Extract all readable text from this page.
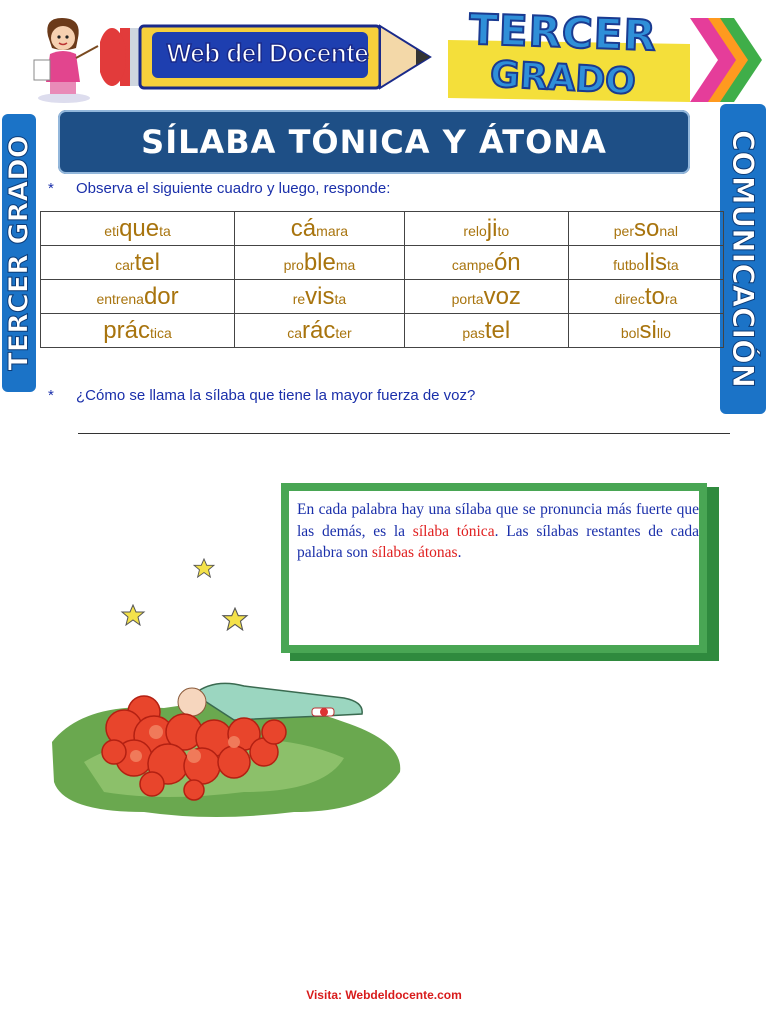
Web del Docente TERCER
GRADO
TERCER GRADO	COMUNICACIÓN
SÍLABA TÓNICA Y ÁTONA
* Observa el siguiente cuadro y luego, responde:
etiqueta	cámara	relojito	personal
cartel	problema	campeón	futbolista
entrenador	revista	portavoz	directora
práctica	carácter	pastel	bolsillo
* ¿Cómo se llama la sílaba que tiene la mayor fuerza de voz?
En cada palabra hay una sílaba que se pronuncia más fuerte que las demás, es la sílaba tónica. Las sílabas restantes de cada palabra son sílabas átonas.
Visita: Webdeldocente.com
